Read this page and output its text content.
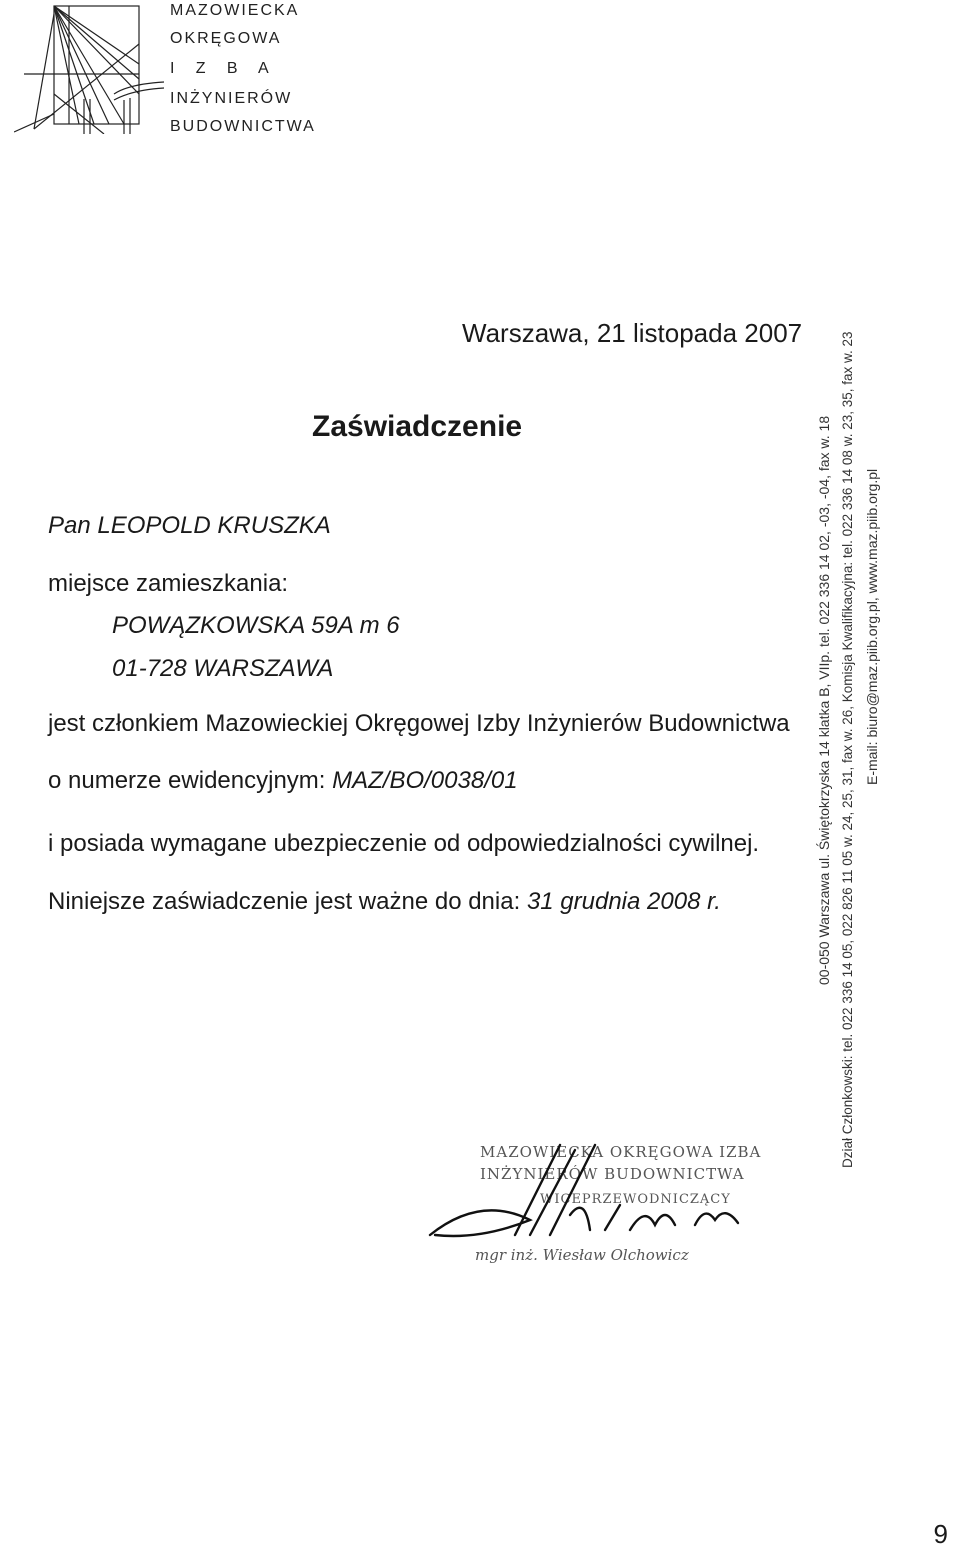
MAZOWIECKA
OKRĘGOWA
I   Z   B   A
INŻYNIERÓW
BUDOWNICTWA
Warszawa, 21 listopada 2007
Zaświadczenie
Pan LEOPOLD KRUSZKA
miejsce zamieszkania:
POWĄZKOWSKA 59A m 6
01-728 WARSZAWA
jest członkiem Mazowieckiej Okręgowej Izby Inżynierów Budownictwa
o numerze ewidencyjnym: MAZ/BO/0038/01
i posiada wymagane ubezpieczenie od odpowiedzialności cywilnej.
Niniejsze zaświadczenie jest ważne do dnia: 31 grudnia 2008 r.	00-050 Warszawa ul. Świętokrzyska 14 klatka B, VIIp. tel. 022 336 14 02, -03, -04, fax w. 18 Dział Członkowski: tel. 022 336 14 05, 022 826 11 05 w. 24, 25, 31, fax w. 26, Komisja Kwalifikacyjna: tel. 022 336 14 08 w. 23, 35, fax w. 23 E-mail: biuro@maz.piib.org.pl, www.maz.piib.org.pl
MAZOWIECKA OKRĘGOWA IZBA
INŻYNIERÓW BUDOWNICTWA
WICEPRZEWODNICZĄCY
mgr inż. Wiesław Olchowicz
9
